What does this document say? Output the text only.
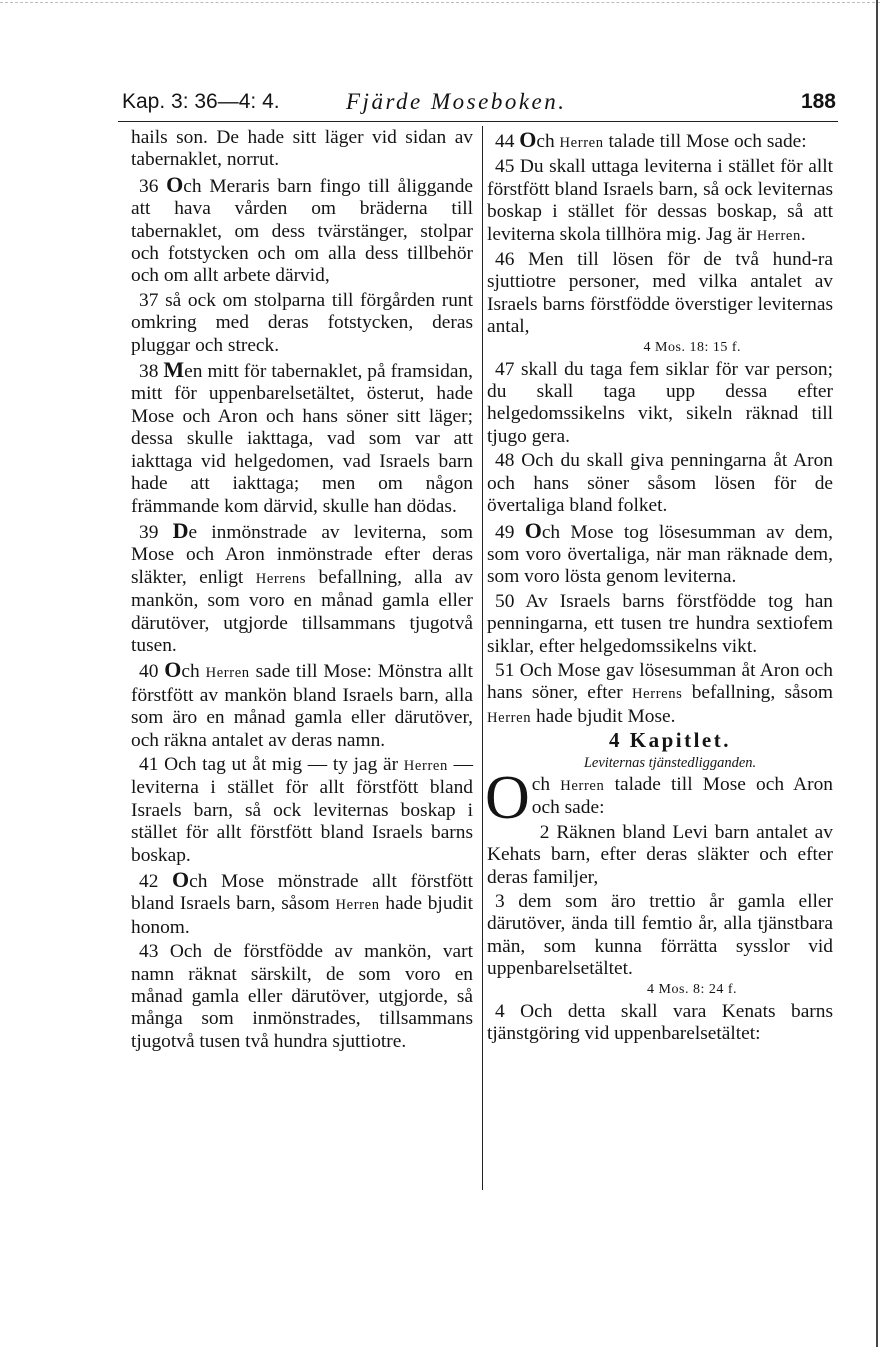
Kap. 3: 36—4: 4.	Fjärde Moseboken.	188

hails son. De hade sitt läger vid sidan av tabernaklet, norrut.

36 Och Meraris barn fingo till åliggande att hava vården om bräderna till tabernaklet, om dess tvärstänger, stolpar och fotstycken och om alla dess tillbehör och om allt arbete därvid,

37 så ock om stolparna till förgården runt omkring med deras fotstycken, deras pluggar och streck.

38 Men mitt för tabernaklet, på framsidan, mitt för uppenbarelsetältet, österut, hade Mose och Aron och hans söner sitt läger; dessa skulle iakttaga, vad som var att iakttaga vid helgedomen, vad Israels barn hade att iakttaga; men om någon främmande kom därvid, skulle han dödas.

39 De inmönstrade av leviterna, som Mose och Aron inmönstrade efter deras släkter, enligt Herrens befallning, alla av mankön, som voro en månad gamla eller därutöver, utgjorde tillsammans tjugotvå tusen.

40 Och Herren sade till Mose: Mönstra allt förstfött av mankön bland Israels barn, alla som äro en månad gamla eller därutöver, och räkna antalet av deras namn.

41 Och tag ut åt mig — ty jag är Herren — leviterna i stället för allt förstfött bland Israels barn, så ock leviternas boskap i stället för allt förstfött bland Israels barns boskap.

42 Och Mose mönstrade allt förstfött bland Israels barn, såsom Herren hade bjudit honom.

43 Och de förstfödde av mankön, vart namn räknat särskilt, de som voro en månad gamla eller därutöver, utgjorde, så många som inmönstrades, tillsammans tjugotvå tusen två hundra sjuttiotre.

44 Och Herren talade till Mose och sade:

45 Du skall uttaga leviterna i stället för allt förstfött bland Israels barn, så ock leviternas boskap i stället för dessas boskap, så att leviterna skola tillhöra mig. Jag är Herren.

46 Men till lösen för de två hund-ra sjuttiotre personer, med vilka antalet av Israels barns förstfödde överstiger leviternas antal,

4 Mos. 18: 15 f.

47 skall du taga fem siklar för var person; du skall taga upp dessa efter helgedomssikelns vikt, sikeln räknad till tjugo gera.

48 Och du skall giva penningarna åt Aron och hans söner såsom lösen för de övertaliga bland folket.

49 Och Mose tog lösesumman av dem, som voro övertaliga, när man räknade dem, som voro lösta genom leviterna.

50 Av Israels barns förstfödde tog han penningarna, ett tusen tre hundra sextiofem siklar, efter helgedomssikelns vikt.

51 Och Mose gav lösesumman åt Aron och hans söner, efter Herrens befallning, såsom Herren hade bjudit Mose.

4 Kapitlet.

Leviternas tjänstedligganden.

Och Herren talade till Mose och Aron och sade:

2 Räknen bland Levi barn antalet av Kehats barn, efter deras släkter och efter deras familjer,

3 dem som äro trettio år gamla eller därutöver, ända till femtio år, alla tjänstbara män, som kunna förrätta sysslor vid uppenbarelsetältet.

4 Mos. 8: 24 f.

4 Och detta skall vara Kenats barns tjänstgöring vid uppenbarelsetältet:
